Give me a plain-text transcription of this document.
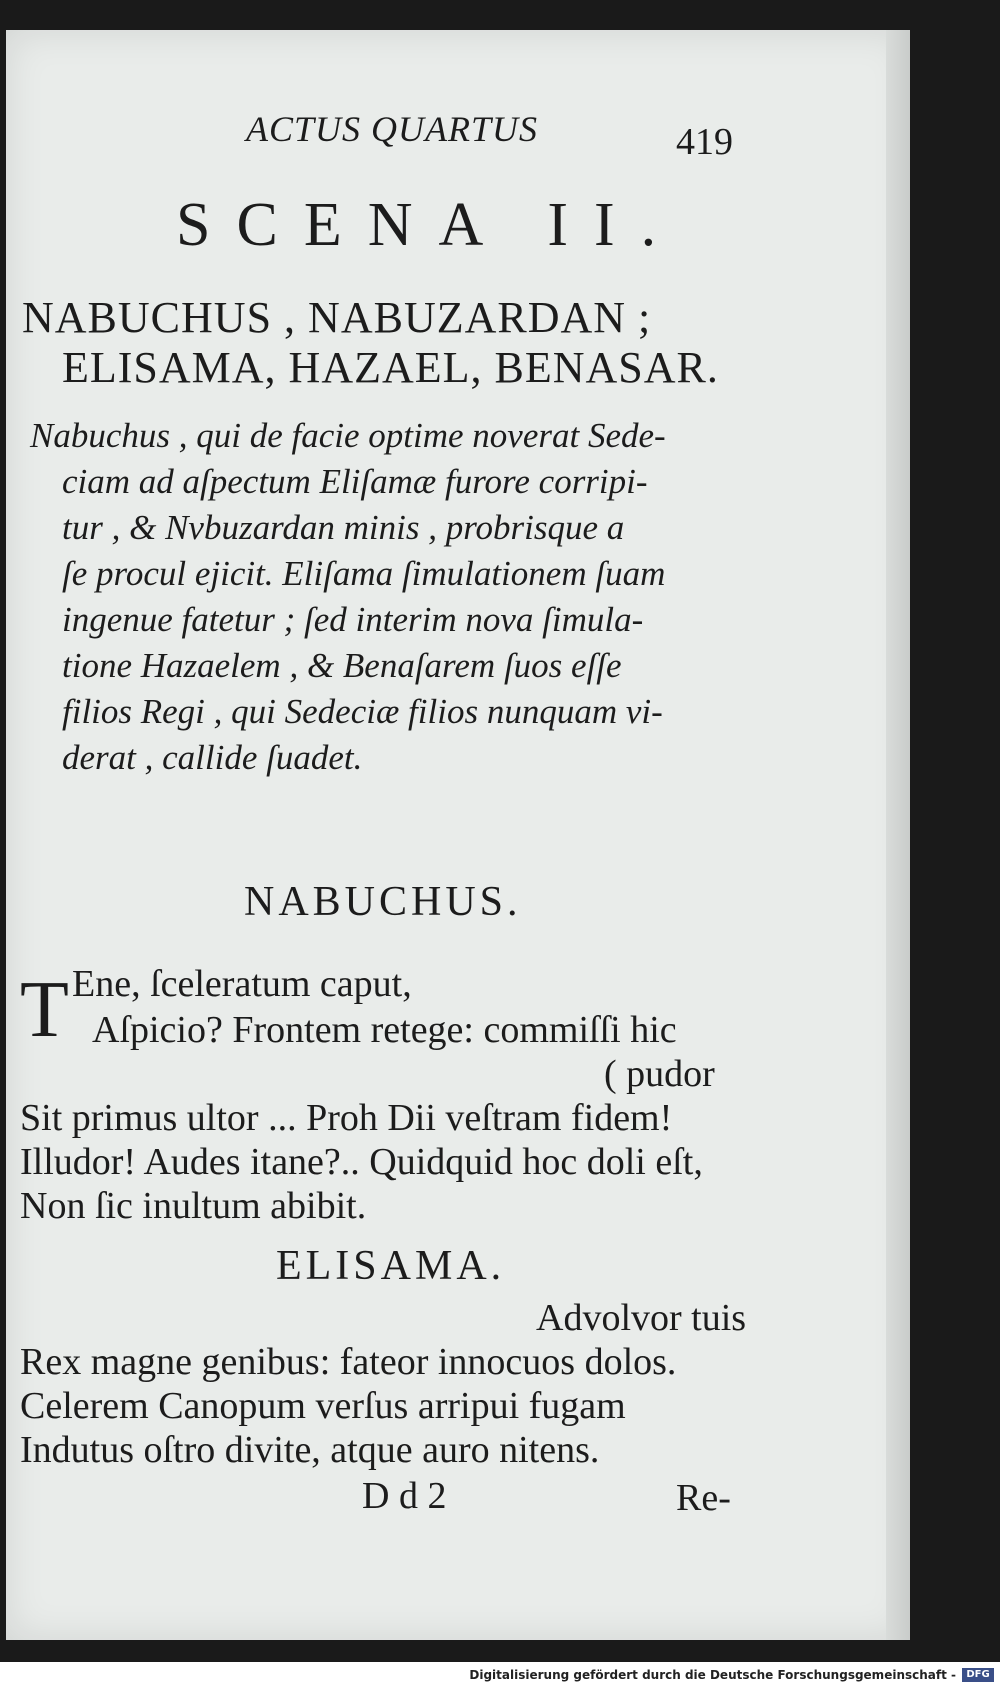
ACTUS QUARTUS	419
SCENA II.
NABUCHUS , NABUZARDAN ;
ELISAMA, HAZAEL, BENASAR.
Nabuchus , qui de facie optime noverat Sede-
ciam ad aſpectum Eliſamæ furore corripi-
tur , & Nvbuzardan minis , probrisque a
ſe procul ejicit. Eliſama ſimulationem ſuam
ingenue fatetur ; ſed interim nova ſimula-
tione Hazaelem , & Benaſarem ſuos eſſe
filios Regi , qui Sedeciæ filios nunquam vi-
derat , callide ſuadet.
NABUCHUS.
T Ene, ſceleratum caput,
Aſpicio? Frontem retege: commiſſi hic
( pudor
Sit primus ultor ... Proh Dii veſtram fidem!
Illudor! Audes itane?.. Quidquid hoc doli eſt,
Non ſic inultum abibit.
ELISAMA.
Advolvor tuis
Rex magne genibus: fateor innocuos dolos.
Celerem Canopum verſus arripui fugam
Indutus oſtro divite, atque auro nitens.
D d 2	Re-
Digitalisierung gefördert durch die Deutsche Forschungsgemeinschaft -	DFG
